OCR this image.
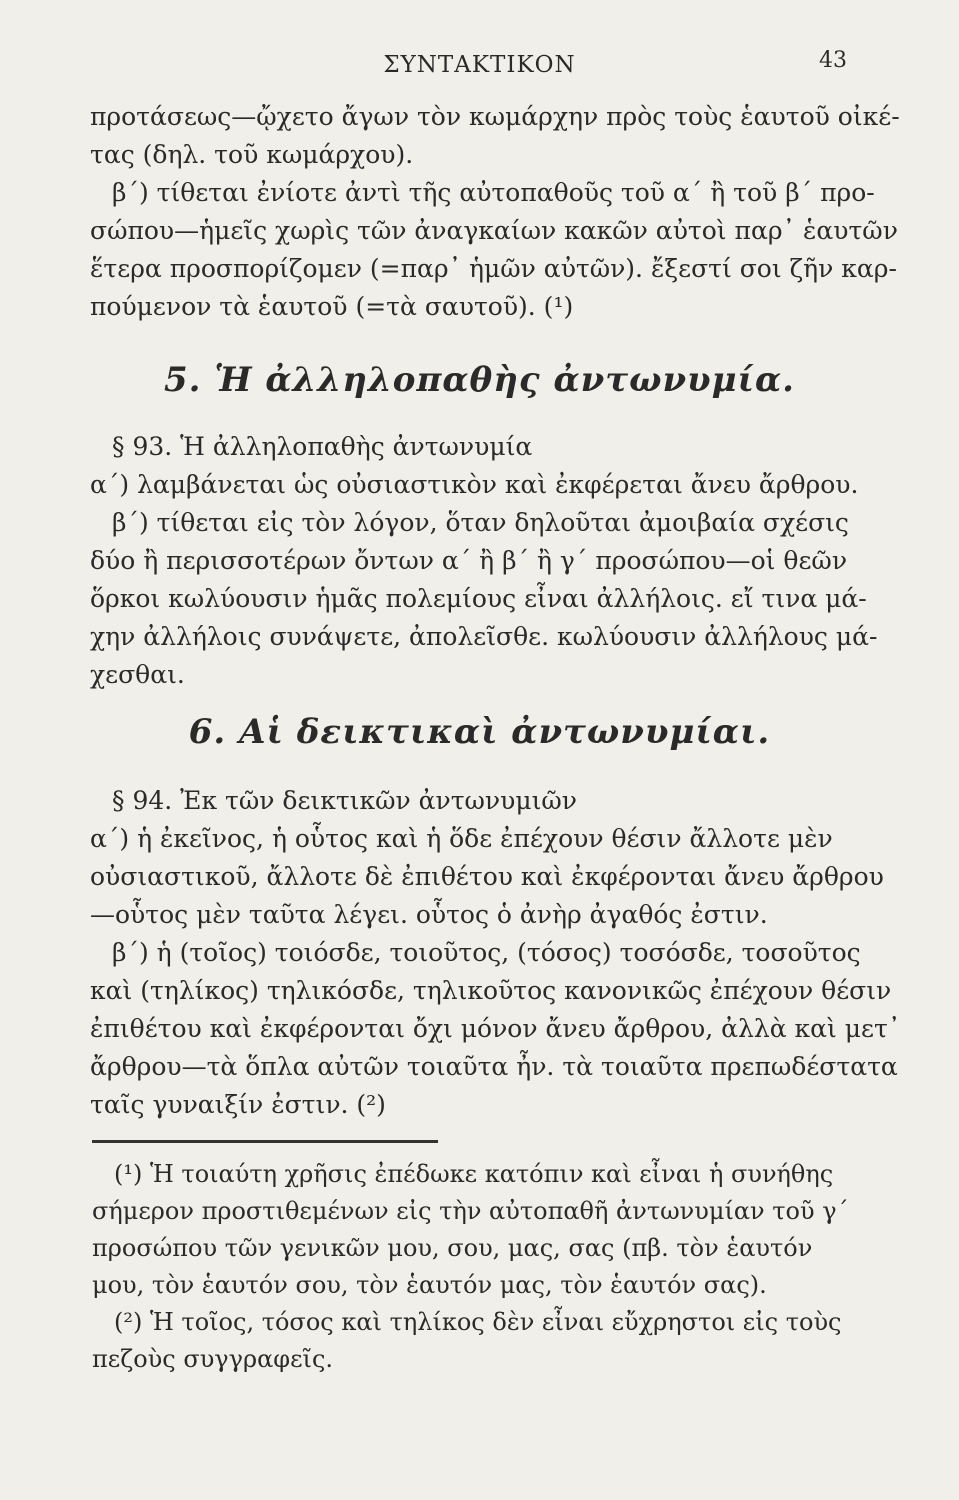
ΣΥΝΤΑΚΤΙΚΟΝ	43
προτάσεως—ᾤχετο ἄγων τὸν κωμάρχην πρὸς τοὺς ἑαυτοῦ οἰκέ-
τας (δηλ. τοῦ κωμάρχου).
β΄) τίθεται ἐνίοτε ἀντὶ τῆς αὐτοπαθοῦς τοῦ α΄ ἢ τοῦ β΄ προ-
σώπου—ἡμεῖς χωρὶς τῶν ἀναγκαίων κακῶν αὐτοὶ παρ᾽ ἑαυτῶν
ἕτερα προσπορίζομεν (=παρ᾽ ἡμῶν αὐτῶν). ἔξεστί σοι ζῆν καρ-
πούμενον τὰ ἑαυτοῦ (=τὰ σαυτοῦ). (¹)
5. Ἡ ἀλληλοπαθὴς ἀντωνυμία.
§ 93. Ἡ ἀλληλοπαθὴς ἀντωνυμία
α΄) λαμβάνεται ὡς οὐσιαστικὸν καὶ ἐκφέρεται ἄνευ ἄρθρου.
β΄) τίθεται εἰς τὸν λόγον, ὅταν δηλοῦται ἀμοιβαία σχέσις
δύο ἢ περισσοτέρων ὄντων α΄ ἢ β΄ ἢ γ΄ προσώπου—οἱ θεῶν
ὅρκοι κωλύουσιν ἡμᾶς πολεμίους εἶναι ἀλλήλοις. εἴ τινα μά-
χην ἀλλήλοις συνάψετε, ἀπολεῖσθε. κωλύουσιν ἀλλήλους μά-
χεσθαι.
6. Αἱ δεικτικαὶ ἀντωνυμίαι.
§ 94. Ἐκ τῶν δεικτικῶν ἀντωνυμιῶν
α΄) ἡ ἐκεῖνος, ἡ οὗτος καὶ ἡ ὅδε ἐπέχουν θέσιν ἄλλοτε μὲν
οὐσιαστικοῦ, ἄλλοτε δὲ ἐπιθέτου καὶ ἐκφέρονται ἄνευ ἄρθρου
—οὗτος μὲν ταῦτα λέγει. οὗτος ὁ ἀνὴρ ἀγαθός ἐστιν.
β΄) ἡ (τοῖος) τοιόσδε, τοιοῦτος, (τόσος) τοσόσδε, τοσοῦτος
καὶ (τηλίκος) τηλικόσδε, τηλικοῦτος κανονικῶς ἐπέχουν θέσιν
ἐπιθέτου καὶ ἐκφέρονται ὄχι μόνον ἄνευ ἄρθρου, ἀλλὰ καὶ μετ᾽
ἄρθρου—τὰ ὅπλα αὐτῶν τοιαῦτα ἦν. τὰ τοιαῦτα πρεπωδέστατα
ταῖς γυναιξίν ἐστιν. (²)
(¹) Ἡ τοιαύτη χρῆσις ἐπέδωκε κατόπιν καὶ εἶναι ἡ συνήθης
σήμερον προστιθεμένων εἰς τὴν αὐτοπαθῆ ἀντωνυμίαν τοῦ γ΄
προσώπου τῶν γενικῶν μου, σου, μας, σας (πβ. τὸν ἑαυτόν
μου, τὸν ἑαυτόν σου, τὸν ἑαυτόν μας, τὸν ἑαυτόν σας).
(²) Ἡ τοῖος, τόσος καὶ τηλίκος δὲν εἶναι εὔχρηστοι εἰς τοὺς
πεζοὺς συγγραφεῖς.
